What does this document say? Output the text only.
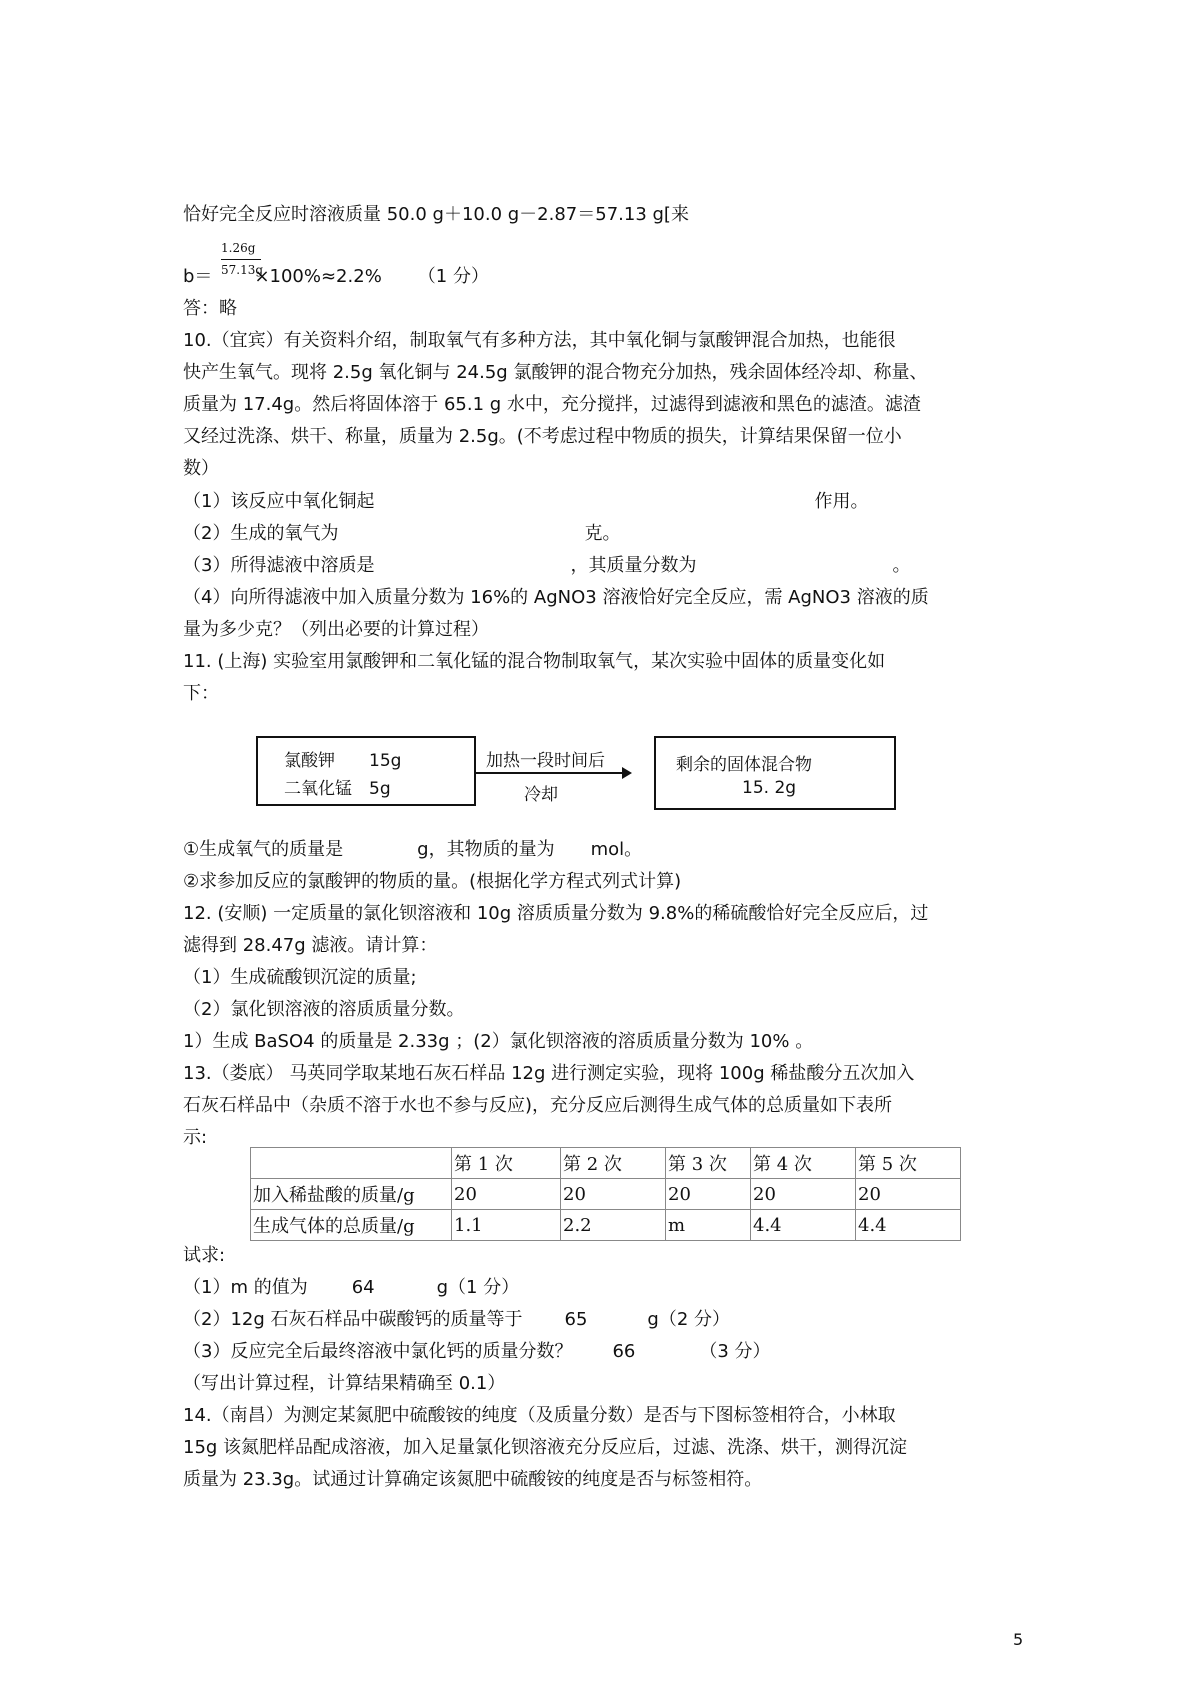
恰好完全反应时溶液质量 50.0 g＋10.0 g－2.87＝57.13 g[来
1.26g
57.13g
b＝ ×100%≈2.2% （1 分）
答：略
10.（宜宾）有关资料介绍，制取氧气有多种方法，其中氧化铜与氯酸钾混合加热，也能很
快产生氧气。现将 2.5g 氧化铜与 24.5g 氯酸钾的混合物充分加热，残余固体经冷却、称量、
质量为 17.4g。然后将固体溶于 65.1 g 水中，充分搅拌，过滤得到滤液和黑色的滤渣。滤渣
又经过洗涤、烘干、称量，质量为 2.5g。(不考虑过程中物质的损失，计算结果保留一位小
数）
（1）该反应中氧化铜起	作用。
（2）生成的氧气为	克。
（3）所得滤液中溶质是	，其质量分数为	。
（4）向所得滤液中加入质量分数为 16%的 AgNO3 溶液恰好完全反应，需 AgNO3 溶液的质
量为多少克？（列出必要的计算过程）
11. (上海) 实验室用氯酸钾和二氧化锰的混合物制取氧气，某次实验中固体的质量变化如
下：
氯酸钾　　15g
二氧化锰　5g
加热一段时间后
冷却
剩余的固体混合物
15. 2g
①生成氧气的质量是	g，其物质的量为 mol。
②求参加反应的氯酸钾的物质的量。(根据化学方程式列式计算)
12. (安顺) 一定质量的氯化钡溶液和 10g 溶质质量分数为 9.8%的稀硫酸恰好完全反应后，过
滤得到 28.47g 滤液。请计算：
（1）生成硫酸钡沉淀的质量;
（2）氯化钡溶液的溶质质量分数。
1）生成 BaSO4 的质量是 2.33g ；(2）氯化钡溶液的溶质质量分数为 10% 。
13.（娄底） 马英同学取某地石灰石样品 12g 进行测定实验，现将 100g 稀盐酸分五次加入
石灰石样品中（杂质不溶于水也不参与反应)，充分反应后测得生成气体的总质量如下表所
示:
	第 1 次	第 2 次	第 3 次	第 4 次	第 5 次
加入稀盐酸的质量/g	20	20	20	20	20
生成气体的总质量/g	1.1	2.2	m	4.4	4.4
试求:
（1）m 的值为 64	g（1 分）
（2）12g 石灰石样品中碳酸钙的质量等于 65	g（2 分）
（3）反应完全后最终溶液中氯化钙的质量分数？ 66	（3 分）
（写出计算过程，计算结果精确至 0.1）
14.（南昌）为测定某氮肥中硫酸铵的纯度（及质量分数）是否与下图标签相符合，小林取
15g 该氮肥样品配成溶液，加入足量氯化钡溶液充分反应后，过滤、洗涤、烘干，测得沉淀
质量为 23.3g。试通过计算确定该氮肥中硫酸铵的纯度是否与标签相符。
5
